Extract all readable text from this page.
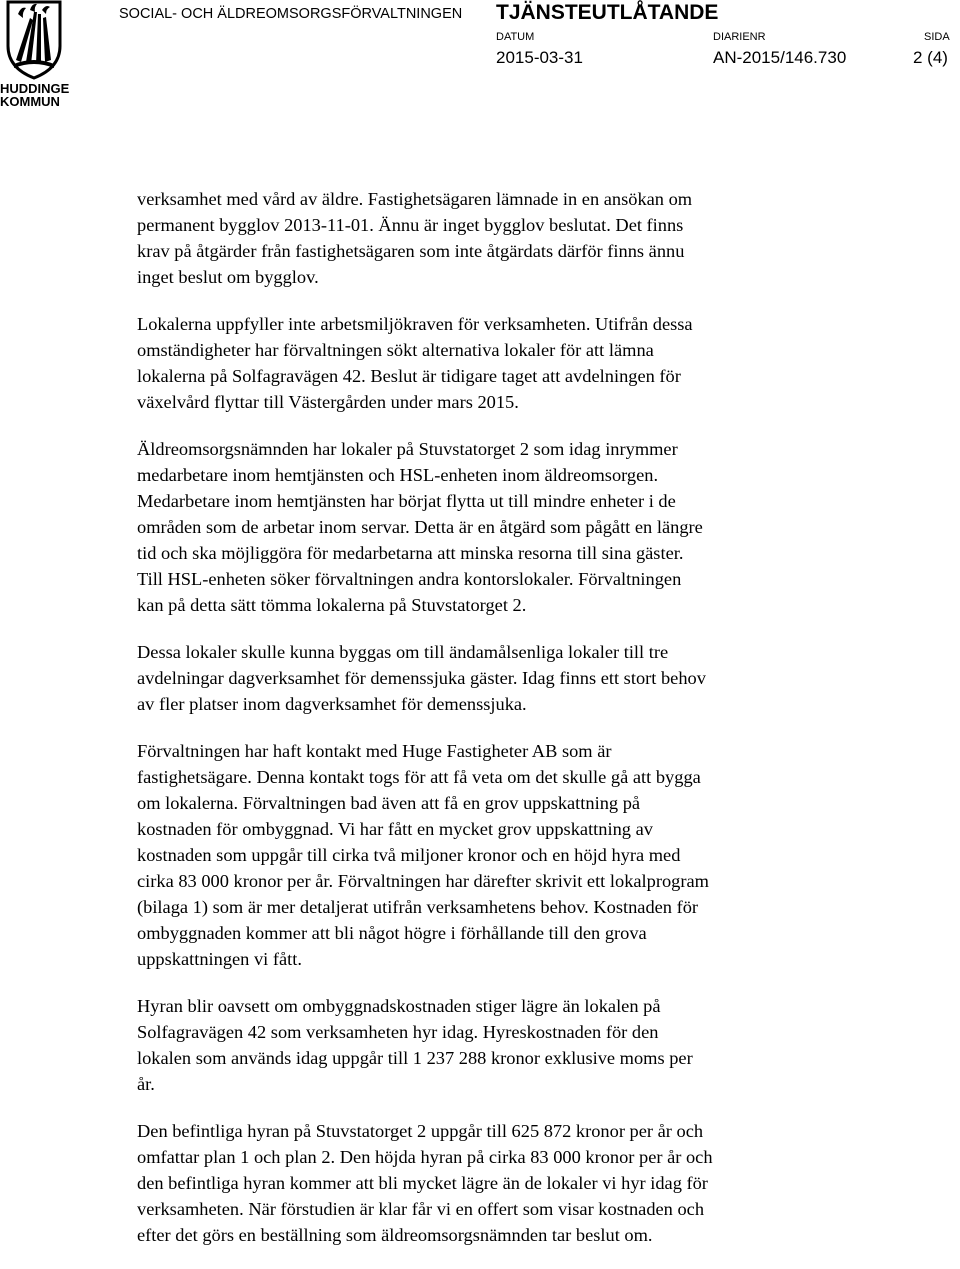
HUDDINGE
KOMMUN
SOCIAL- OCH ÄLDREOMSORGSFÖRVALTNINGEN TJÄNSTEUTLÅTANDE
DATUM
2015-03-31
DIARIENR
AN-2015/146.730
SIDA
2 (4)

verksamhet med vård av äldre. Fastighetsägaren lämnade in en ansökan om
permanent bygglov 2013-11-01. Ännu är inget bygglov beslutat. Det finns
krav på åtgärder från fastighetsägaren som inte åtgärdats därför finns ännu
inget beslut om bygglov.

Lokalerna uppfyller inte arbetsmiljökraven för verksamheten. Utifrån dessa
omständigheter har förvaltningen sökt alternativa lokaler för att lämna
lokalerna på Solfagravägen 42. Beslut är tidigare taget att avdelningen för
växelvård flyttar till Västergården under mars 2015.

Äldreomsorgsnämnden har lokaler på Stuvstatorget 2 som idag inrymmer
medarbetare inom hemtjänsten och HSL-enheten inom äldreomsorgen.
Medarbetare inom hemtjänsten har börjat flytta ut till mindre enheter i de
områden som de arbetar inom servar. Detta är en åtgärd som pågått en längre
tid och ska möjliggöra för medarbetarna att minska resorna till sina gäster.
Till HSL-enheten söker förvaltningen andra kontorslokaler. Förvaltningen
kan på detta sätt tömma lokalerna på Stuvstatorget 2.

Dessa lokaler skulle kunna byggas om till ändamålsenliga lokaler till tre
avdelningar dagverksamhet för demenssjuka gäster. Idag finns ett stort behov
av fler platser inom dagverksamhet för demenssjuka.

Förvaltningen har haft kontakt med Huge Fastigheter AB som är
fastighetsägare. Denna kontakt togs för att få veta om det skulle gå att bygga
om lokalerna. Förvaltningen bad även att få en grov uppskattning på
kostnaden för ombyggnad. Vi har fått en mycket grov uppskattning av
kostnaden som uppgår till cirka två miljoner kronor och en höjd hyra med
cirka 83 000 kronor per år. Förvaltningen har därefter skrivit ett lokalprogram
(bilaga 1) som är mer detaljerat utifrån verksamhetens behov. Kostnaden för
ombyggnaden kommer att bli något högre i förhållande till den grova
uppskattningen vi fått.

Hyran blir oavsett om ombyggnadskostnaden stiger lägre än lokalen på
Solfagravägen 42 som verksamheten hyr idag. Hyreskostnaden för den
lokalen som används idag uppgår till 1 237 288 kronor exklusive moms per
år.

Den befintliga hyran på Stuvstatorget 2 uppgår till 625 872 kronor per år och
omfattar plan 1 och plan 2. Den höjda hyran på cirka 83 000 kronor per år och
den befintliga hyran kommer att bli mycket lägre än de lokaler vi hyr idag för
verksamheten. När förstudien är klar får vi en offert som visar kostnaden och
efter det görs en beställning som äldreomsorgsnämnden tar beslut om.
